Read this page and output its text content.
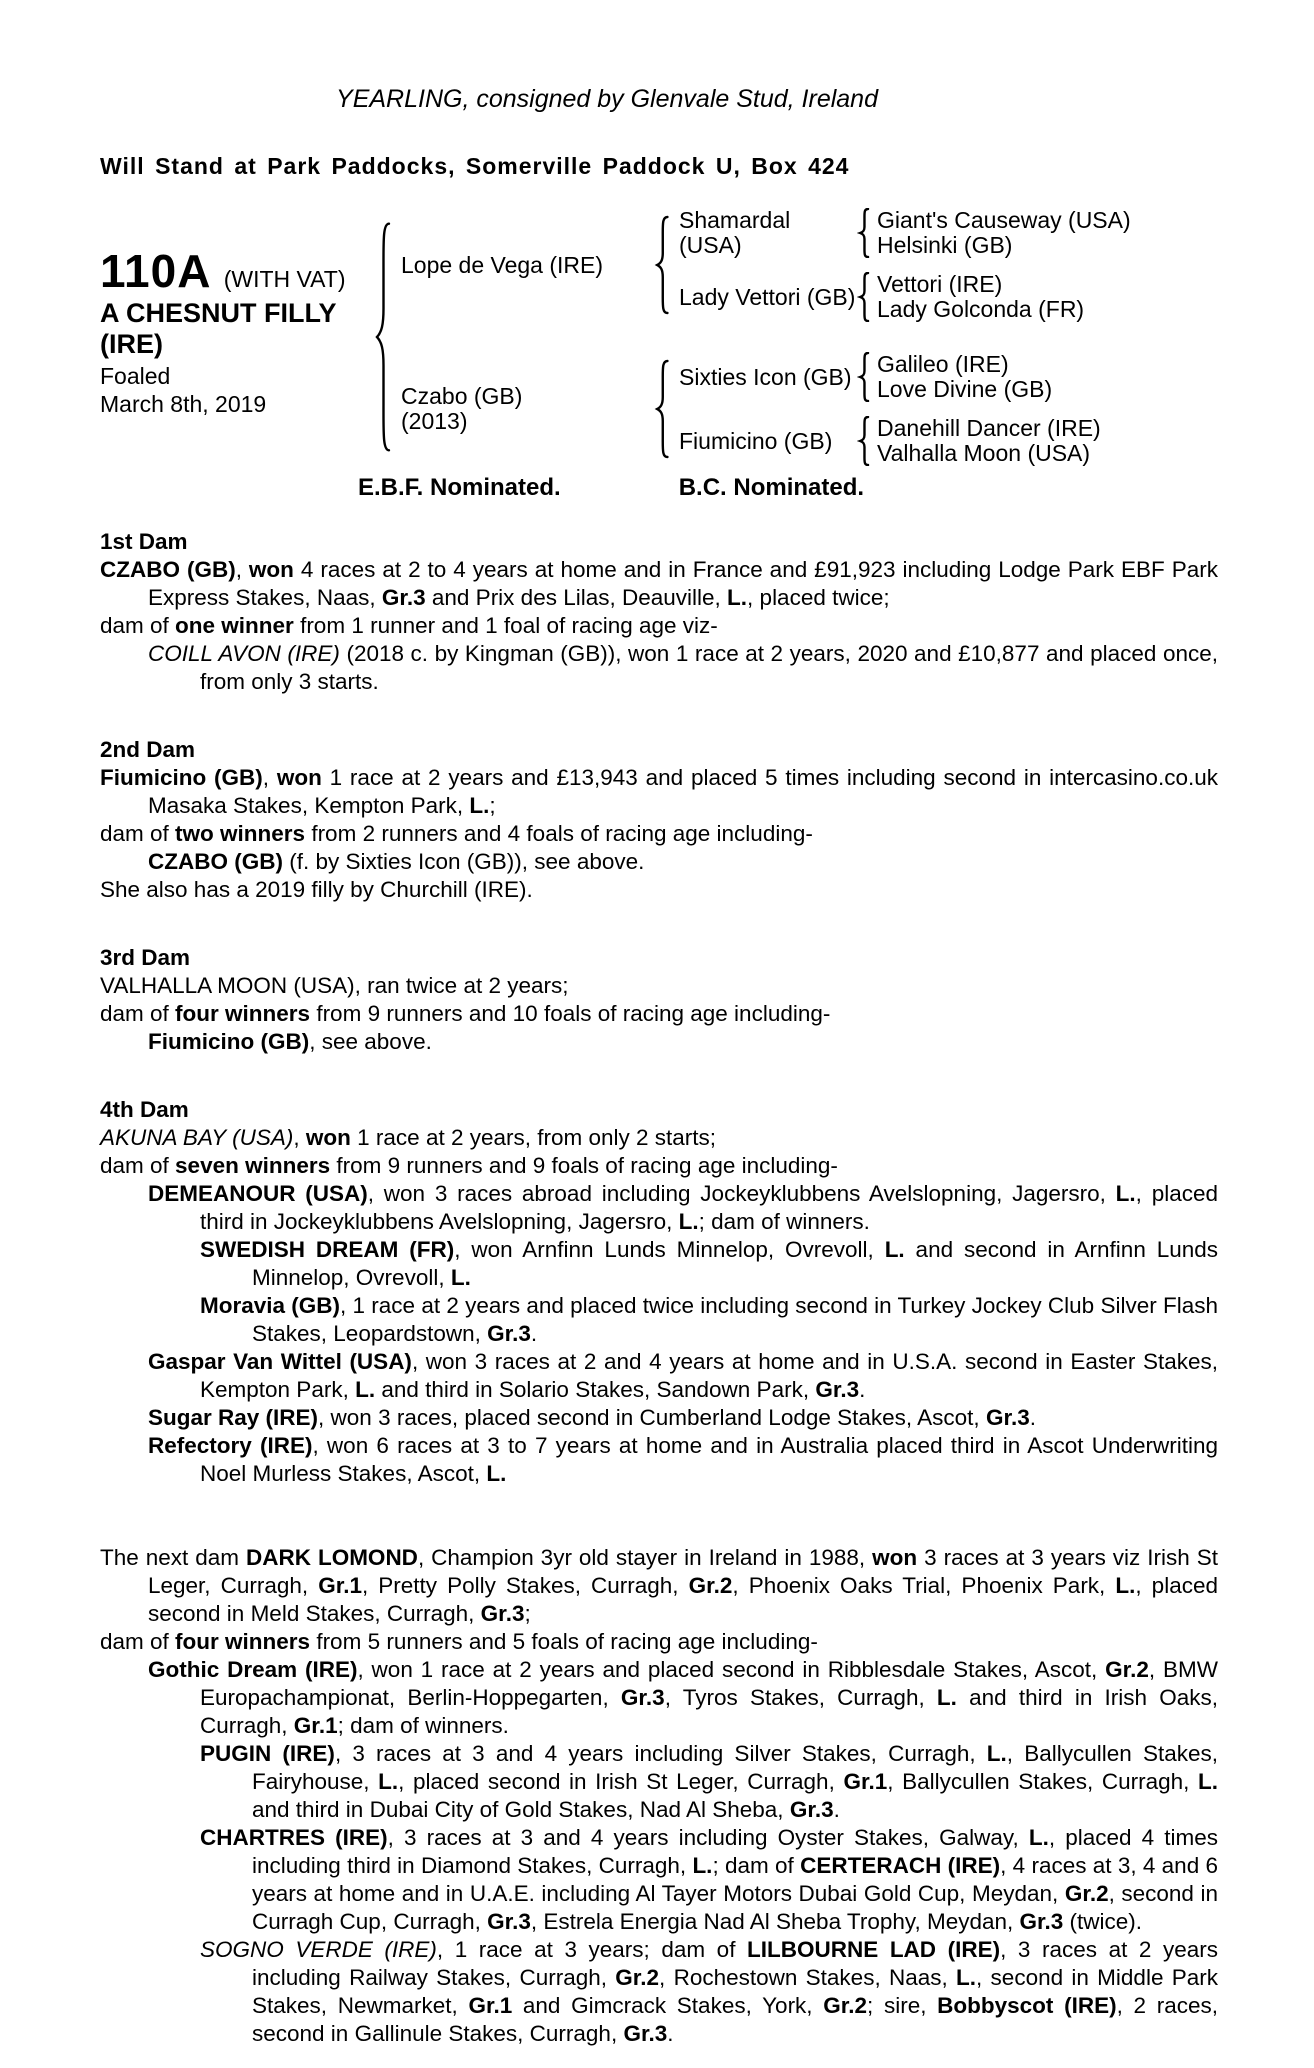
YEARLING, consigned by Glenvale Stud, Ireland
Will Stand at Park Paddocks, Somerville Paddock U, Box 424
110A (WITH VAT)
A CHESNUT FILLY
(IRE)
Foaled
March 8th, 2019
Lope de Vega (IRE)
Shamardal (USA)
Giant's Causeway (USA)
Helsinki (GB)
Lady Vettori (GB) Vettori (IRE)
Lady Golconda (FR)
Czabo (GB)
(2013)
Sixties Icon (GB) Galileo (IRE)
Love Divine (GB)
Fiumicino (GB)	Danehill Dancer (IRE)
Valhalla Moon (USA)
E.B.F. Nominated.	B.C. Nominated.
1st Dam

CZABO (GB), won 4 races at 2 to 4 years at home and in France and £91,923 including Lodge Park EBF Park Express Stakes, Naas, Gr.3 and Prix des Lilas, Deauville, L., placed twice;

dam of one winner from 1 runner and 1 foal of racing age viz-

COILL AVON (IRE) (2018 c. by Kingman (GB)), won 1 race at 2 years, 2020 and £10,877 and placed once, from only 3 starts.

2nd Dam

Fiumicino (GB), won 1 race at 2 years and £13,943 and placed 5 times including second in intercasino.co.uk Masaka Stakes, Kempton Park, L.;

dam of two winners from 2 runners and 4 foals of racing age including-

CZABO (GB) (f. by Sixties Icon (GB)), see above.

She also has a 2019 filly by Churchill (IRE).

3rd Dam

VALHALLA MOON (USA), ran twice at 2 years;

dam of four winners from 9 runners and 10 foals of racing age including-

Fiumicino (GB), see above.

4th Dam

AKUNA BAY (USA), won 1 race at 2 years, from only 2 starts;

dam of seven winners from 9 runners and 9 foals of racing age including-

DEMEANOUR (USA), won 3 races abroad including Jockeyklubbens Avelslopning, Jagersro, L., placed third in Jockeyklubbens Avelslopning, Jagersro, L.; dam of winners.

SWEDISH DREAM (FR), won Arnfinn Lunds Minnelop, Ovrevoll, L. and second in Arnfinn Lunds Minnelop, Ovrevoll, L.

Moravia (GB), 1 race at 2 years and placed twice including second in Turkey Jockey Club Silver Flash Stakes, Leopardstown, Gr.3.

Gaspar Van Wittel (USA), won 3 races at 2 and 4 years at home and in U.S.A. second in Easter Stakes, Kempton Park, L. and third in Solario Stakes, Sandown Park, Gr.3.

Sugar Ray (IRE), won 3 races, placed second in Cumberland Lodge Stakes, Ascot, Gr.3.

Refectory (IRE), won 6 races at 3 to 7 years at home and in Australia placed third in Ascot Underwriting Noel Murless Stakes, Ascot, L.

The next dam DARK LOMOND, Champion 3yr old stayer in Ireland in 1988, won 3 races at 3 years viz Irish St Leger, Curragh, Gr.1, Pretty Polly Stakes, Curragh, Gr.2, Phoenix Oaks Trial, Phoenix Park, L., placed second in Meld Stakes, Curragh, Gr.3;

dam of four winners from 5 runners and 5 foals of racing age including-

Gothic Dream (IRE), won 1 race at 2 years and placed second in Ribblesdale Stakes, Ascot, Gr.2, BMW Europachampionat, Berlin-Hoppegarten, Gr.3, Tyros Stakes, Curragh, L. and third in Irish Oaks, Curragh, Gr.1; dam of winners.

PUGIN (IRE), 3 races at 3 and 4 years including Silver Stakes, Curragh, L., Ballycullen Stakes, Fairyhouse, L., placed second in Irish St Leger, Curragh, Gr.1, Ballycullen Stakes, Curragh, L. and third in Dubai City of Gold Stakes, Nad Al Sheba, Gr.3.

CHARTRES (IRE), 3 races at 3 and 4 years including Oyster Stakes, Galway, L., placed 4 times including third in Diamond Stakes, Curragh, L.; dam of CERTERACH (IRE), 4 races at 3, 4 and 6 years at home and in U.A.E. including Al Tayer Motors Dubai Gold Cup, Meydan, Gr.2, second in Curragh Cup, Curragh, Gr.3, Estrela Energia Nad Al Sheba Trophy, Meydan, Gr.3 (twice).

SOGNO VERDE (IRE), 1 race at 3 years; dam of LILBOURNE LAD (IRE), 3 races at 2 years including Railway Stakes, Curragh, Gr.2, Rochestown Stakes, Naas, L., second in Middle Park Stakes, Newmarket, Gr.1 and Gimcrack Stakes, York, Gr.2; sire, Bobbyscot (IRE), 2 races, second in Gallinule Stakes, Curragh, Gr.3.
